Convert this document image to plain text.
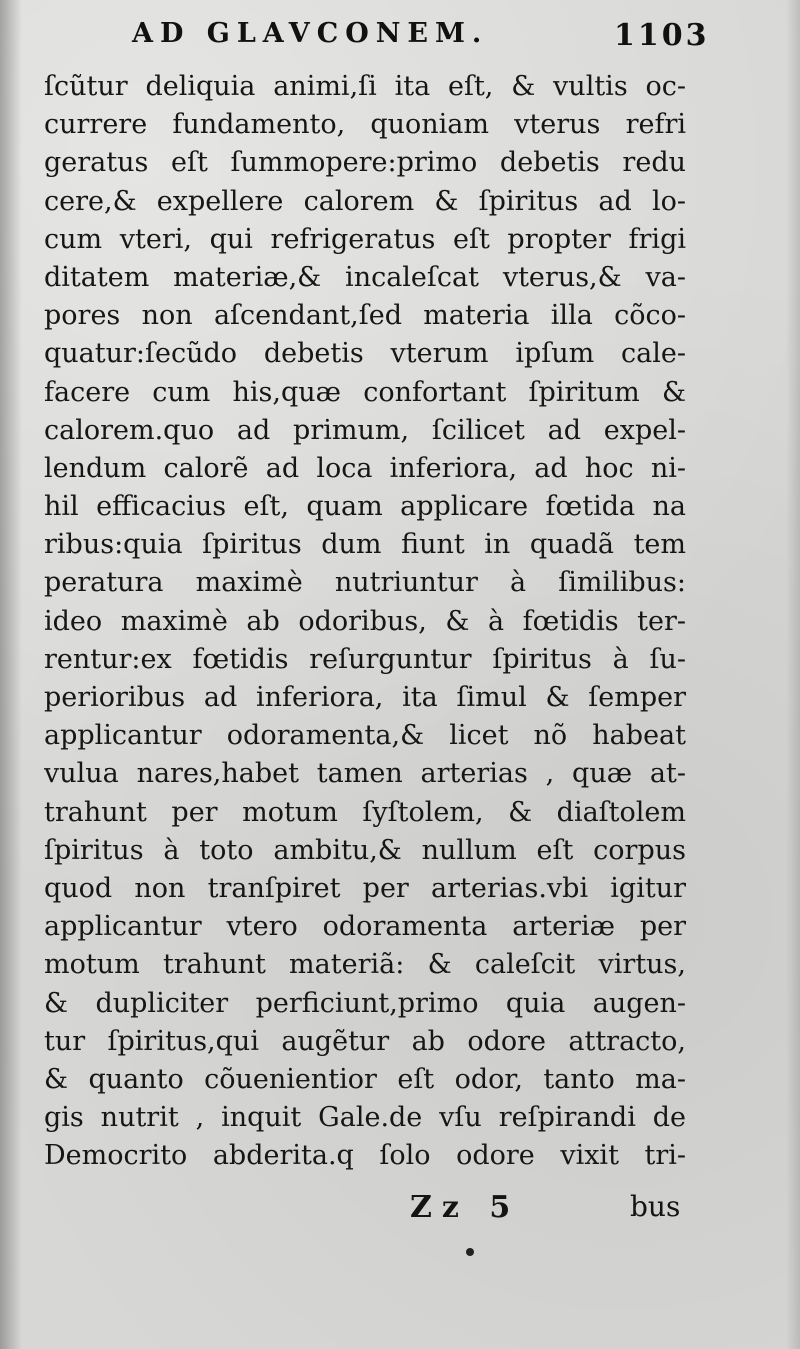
AD GLAVCONEM.	1103
ſcũtur deliquia animi,ſi ita eſt, & vultis oc-
currere fundamento, quoniam vterus refri
geratus eſt ſummopere:primo debetis redu
cere,& expellere calorem & ſpiritus ad lo-
cum vteri, qui refrigeratus eſt propter frigi
ditatem materiæ,& incaleſcat vterus,& va-
pores non aſcendant,ſed materia illa cõco-
quatur:ſecũdo debetis vterum ipſum cale-
facere cum his,quæ confortant ſpiritum &
calorem.quo ad primum, ſcilicet ad expel-
lendum calorẽ ad loca inferiora, ad hoc ni-
hil efficacius eſt, quam applicare fœtida na
ribus:quia ſpiritus dum fiunt in quadã tem
peratura maximè nutriuntur à ſimilibus:
ideo maximè ab odoribus, & à fœtidis ter-
rentur:ex fœtidis reſurguntur ſpiritus à ſu-
perioribus ad inferiora, ita ſimul & ſemper
applicantur odoramenta,& licet nõ habeat
vulua nares,habet tamen arterias , quæ at-
trahunt per motum ſyſtolem, & diaſtolem
ſpiritus à toto ambitu,& nullum eſt corpus
quod non tranſpiret per arterias.vbi igitur
applicantur vtero odoramenta arteriæ per
motum trahunt materiã: & caleſcit virtus,
& dupliciter perficiunt,primo quia augen-
tur ſpiritus,qui augẽtur ab odore attracto,
& quanto cõuenientior eſt odor, tanto ma-
gis nutrit , inquit Gale.de vſu reſpirandi de
Democrito abderita.q ſolo odore vixit tri-
Zz 5	bus
